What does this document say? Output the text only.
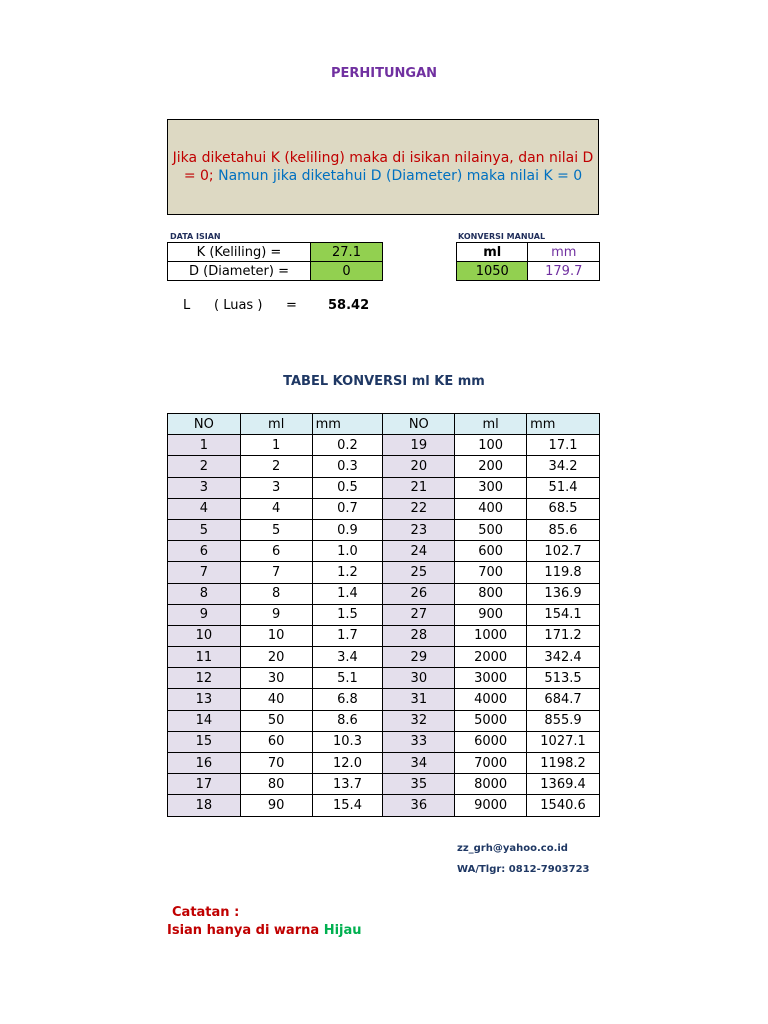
PERHITUNGAN
Jika diketahui K (keliling) maka di isikan nilainya, dan nilai D = 0; Namun jika diketahui D (Diameter) maka nilai K = 0
DATA ISIAN
K (Keliling) =	27.1
D (Diameter) =	0
KONVERSI MANUAL
ml	mm
1050	179.7
L ( Luas ) = 58.42
TABEL KONVERSI ml KE mm
NO	ml	mm	NO	ml	mm
1	1	0.2	19	100	17.1
2	2	0.3	20	200	34.2
3	3	0.5	21	300	51.4
4	4	0.7	22	400	68.5
5	5	0.9	23	500	85.6
6	6	1.0	24	600	102.7
7	7	1.2	25	700	119.8
8	8	1.4	26	800	136.9
9	9	1.5	27	900	154.1
10	10	1.7	28	1000	171.2
11	20	3.4	29	2000	342.4
12	30	5.1	30	3000	513.5
13	40	6.8	31	4000	684.7
14	50	8.6	32	5000	855.9
15	60	10.3	33	6000	1027.1
16	70	12.0	34	7000	1198.2
17	80	13.7	35	8000	1369.4
18	90	15.4	36	9000	1540.6
zz_grh@yahoo.co.id
WA/Tlgr: 0812-7903723
Catatan :
Isian hanya di warna Hijau
